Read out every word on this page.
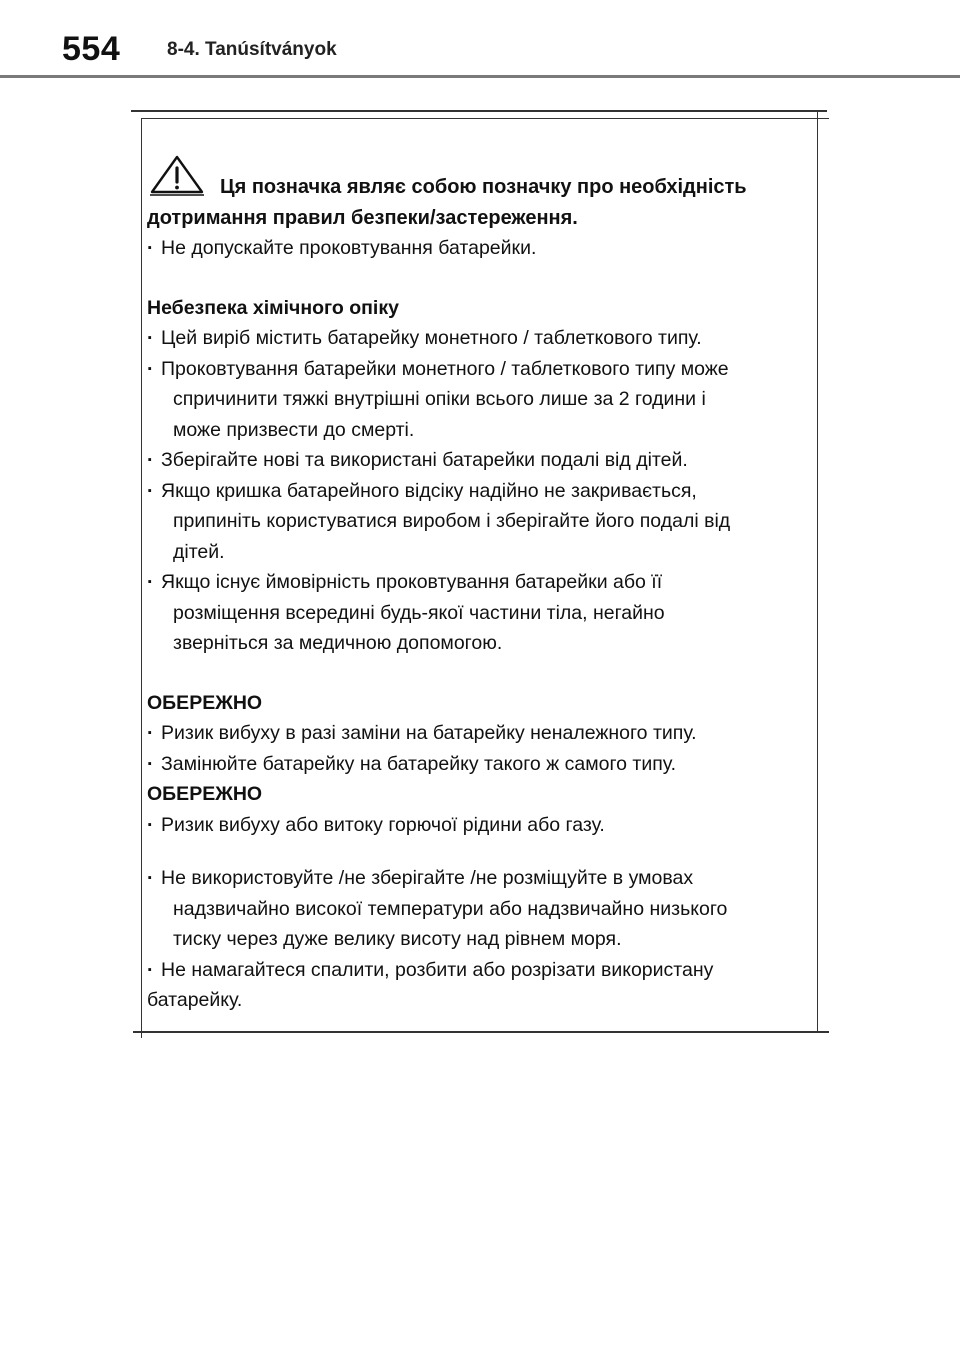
554 8-4. Tanúsítványok
Ця позначка являє собою позначку про необхідність
дотримання правил безпеки/застереження.
· Не допускайте проковтування батарейки.
Небезпека хімічного опіку
· Цей виріб містить батарейку монетного / таблеткового типу.
· Проковтування батарейки монетного / таблеткового типу може
спричинити тяжкі внутрішні опіки всього лише за 2 години і
може призвести до смерті.
· Зберігайте нові та використані батарейки подалі від дітей.
· Якщо кришка батарейного відсіку надійно не закривається,
припиніть користуватися виробом і зберігайте його подалі від
дітей.
· Якщо існує ймовірність проковтування батарейки або її
розміщення всередині будь-якої частини тіла, негайно
зверніться за медичною допомогою.
ОБЕРЕЖНО
· Ризик вибуху в разі заміни на батарейку неналежного типу.
· Замінюйте батарейку на батарейку такого ж самого типу.
ОБЕРЕЖНО
· Ризик вибуху або витоку горючої рідини або газу.
· Не використовуйте /не зберігайте /не розміщуйте в умовах
надзвичайно високої температури або надзвичайно низького
тиску через дуже велику висоту над рівнем моря.
· Не намагайтеся спалити, розбити або розрізати використану
батарейку.
